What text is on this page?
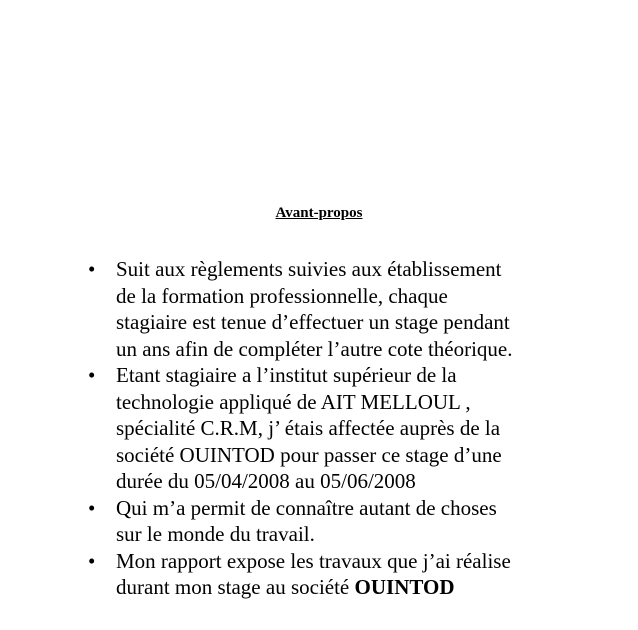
Avant-propos
• Suit aux règlements suivies aux établissement
de la formation professionnelle, chaque
stagiaire est tenue d’effectuer un stage pendant
un ans afin de compléter l’autre cote théorique.
• Etant stagiaire a l’institut supérieur de la
technologie appliqué de AIT MELLOUL ,
spécialité C.R.M, j’ étais affectée auprès de la
société OUINTOD pour passer ce stage d’une
durée du 05/04/2008 au 05/06/2008
• Qui m’a permit de connaître autant de choses
sur le monde du travail.
• Mon rapport expose les travaux que j’ai réalise
durant mon stage au société OUINTOD
